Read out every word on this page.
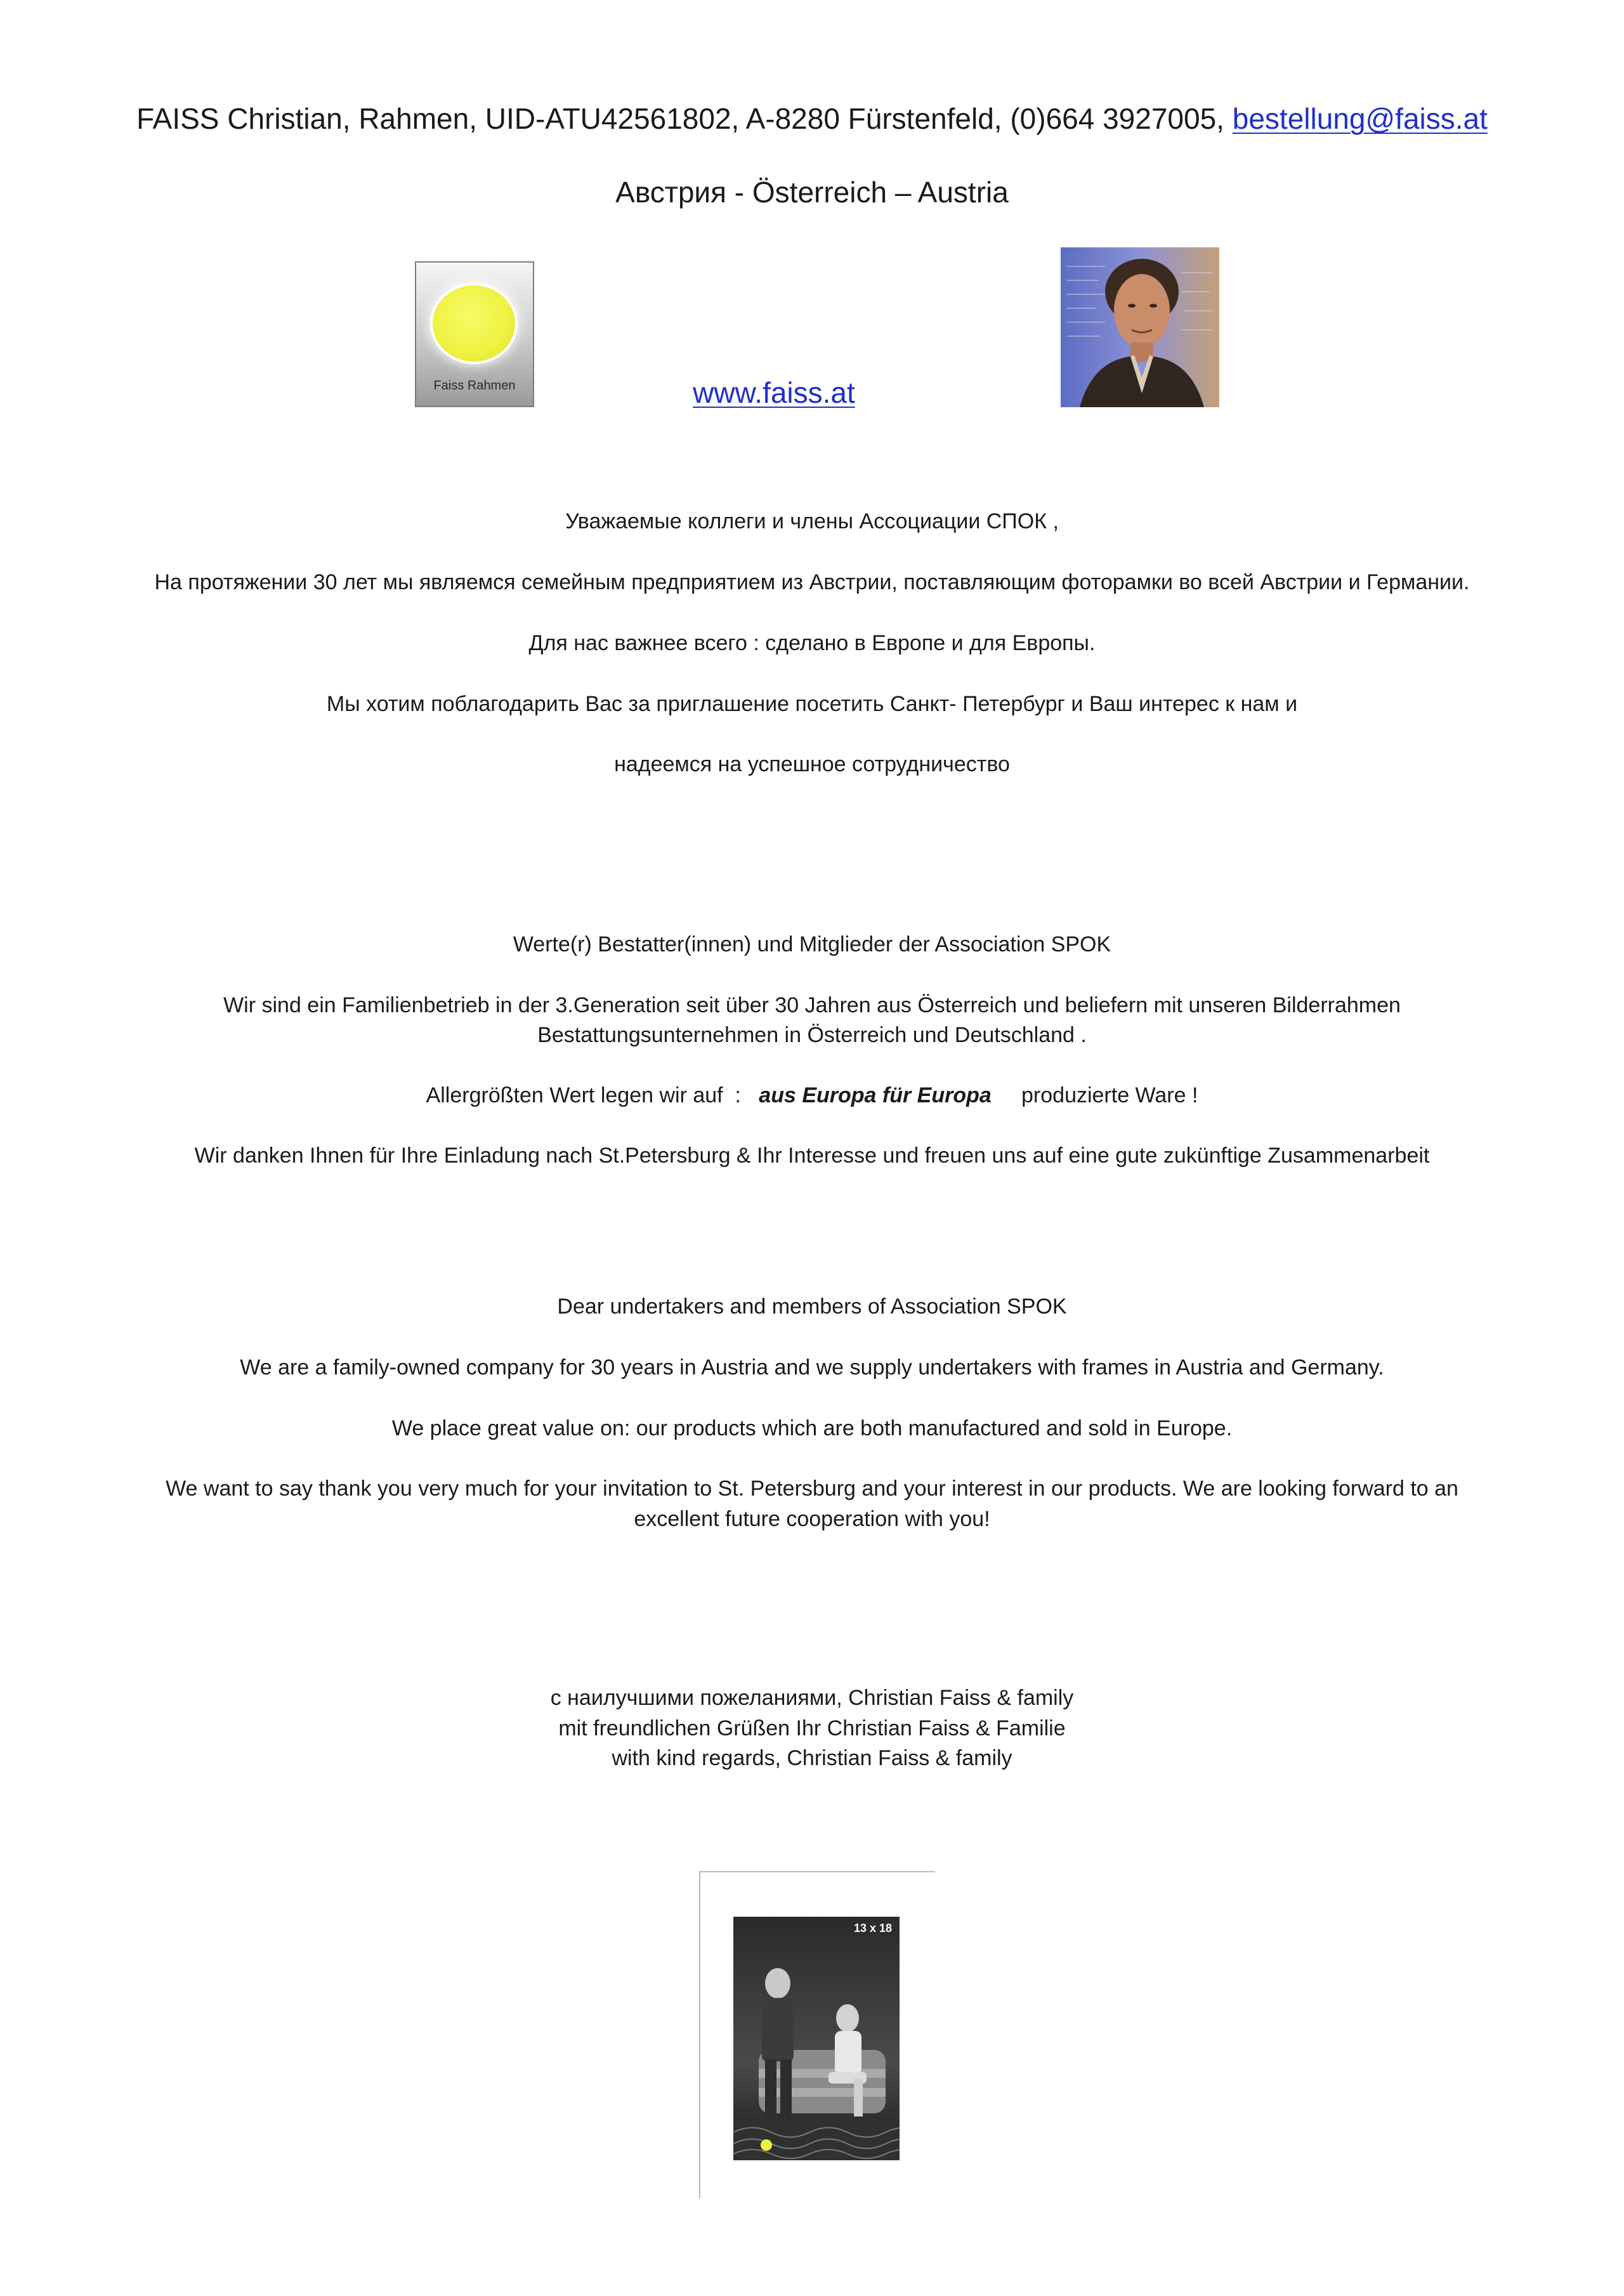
FAISS Christian, Rahmen, UID-ATU42561802, A-8280 Fürstenfeld, (0)664 3927005, bestellung@faiss.at

Австрия - Österreich – Austria

Faiss Rahmen	www.faiss.at

Уважаемые коллеги и члены Ассоциации СПОК ,

На протяжении 30 лет мы являемся семейным предприятием из Австрии, поставляющим фоторамки во всей Австрии и Германии.

Для нас важнее всего : сделано в Европе и для Европы.

Мы хотим поблагодарить Вас за приглашение посетить Санкт- Петербург и Ваш интерес к нам и

надеемся на успешное сотрудничество

Werte(r) Bestatter(innen) und Mitglieder der Association SPOK

Wir sind ein Familienbetrieb in der 3.Generation seit über 30 Jahren aus Österreich und beliefern mit unseren Bilderrahmen

Bestattungsunternehmen in Österreich und Deutschland .

Allergrößten Wert legen wir auf  :   aus Europa für Europa     produzierte Ware !

Wir danken Ihnen für Ihre Einladung nach St.Petersburg & Ihr Interesse und freuen uns auf eine gute zukünftige Zusammenarbeit

Dear undertakers and members of Association SPOK

We are a family-owned company for 30 years in Austria and we supply undertakers with frames in Austria and Germany.

We place great value on: our products which are both manufactured and sold in Europe.

We want to say thank you very much for your invitation to St. Petersburg and your interest in our products. We are looking forward to an

excellent future cooperation with you!

с наилучшими пожеланиями, Christian Faiss & family

mit freundlichen Grüßen Ihr Christian Faiss & Familie

with kind regards, Christian Faiss & family

13 x 18
